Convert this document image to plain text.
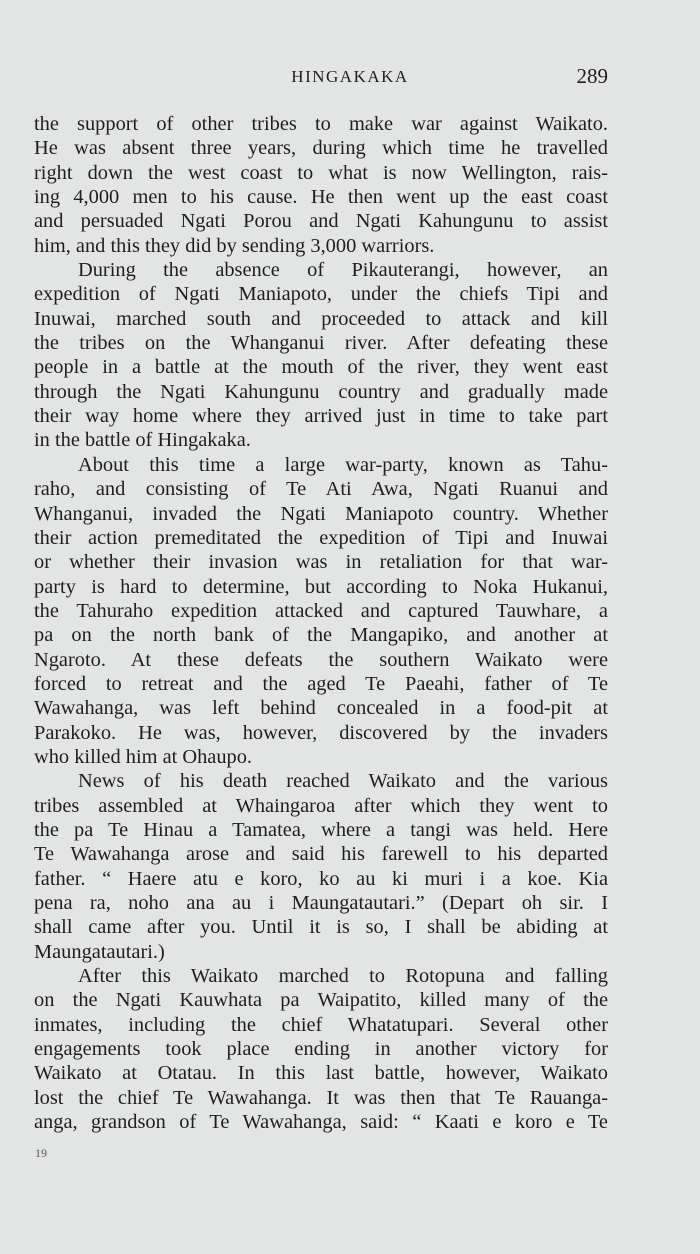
HINGAKAKA	289
the support of other tribes to make war against Waikato.
He was absent three years, during which time he travelled
right down the west coast to what is now Wellington, rais-
ing 4,000 men to his cause. He then went up the east coast
and persuaded Ngati Porou and Ngati Kahungunu to assist
him, and this they did by sending 3,000 warriors.
During the absence of Pikauterangi, however, an
expedition of Ngati Maniapoto, under the chiefs Tipi and
Inuwai, marched south and proceeded to attack and kill
the tribes on the Whanganui river. After defeating these
people in a battle at the mouth of the river, they went east
through the Ngati Kahungunu country and gradually made
their way home where they arrived just in time to take part
in the battle of Hingakaka.
About this time a large war-party, known as Tahu-
raho, and consisting of Te Ati Awa, Ngati Ruanui and
Whanganui, invaded the Ngati Maniapoto country. Whether
their action premeditated the expedition of Tipi and Inuwai
or whether their invasion was in retaliation for that war-
party is hard to determine, but according to Noka Hukanui,
the Tahuraho expedition attacked and captured Tauwhare, a
pa on the north bank of the Mangapiko, and another at
Ngaroto. At these defeats the southern Waikato were
forced to retreat and the aged Te Paeahi, father of Te
Wawahanga, was left behind concealed in a food-pit at
Parakoko. He was, however, discovered by the invaders
who killed him at Ohaupo.
News of his death reached Waikato and the various
tribes assembled at Whaingaroa after which they went to
the pa Te Hinau a Tamatea, where a tangi was held. Here
Te Wawahanga arose and said his farewell to his departed
father. “ Haere atu e koro, ko au ki muri i a koe. Kia
pena ra, noho ana au i Maungatautari.” (Depart oh sir. I
shall came after you. Until it is so, I shall be abiding at
Maungatautari.)
After this Waikato marched to Rotopuna and falling
on the Ngati Kauwhata pa Waipatito, killed many of the
inmates, including the chief Whatatupari. Several other
engagements took place ending in another victory for
Waikato at Otatau. In this last battle, however, Waikato
lost the chief Te Wawahanga. It was then that Te Rauanga-
anga, grandson of Te Wawahanga, said: “ Kaati e koro e Te
19
